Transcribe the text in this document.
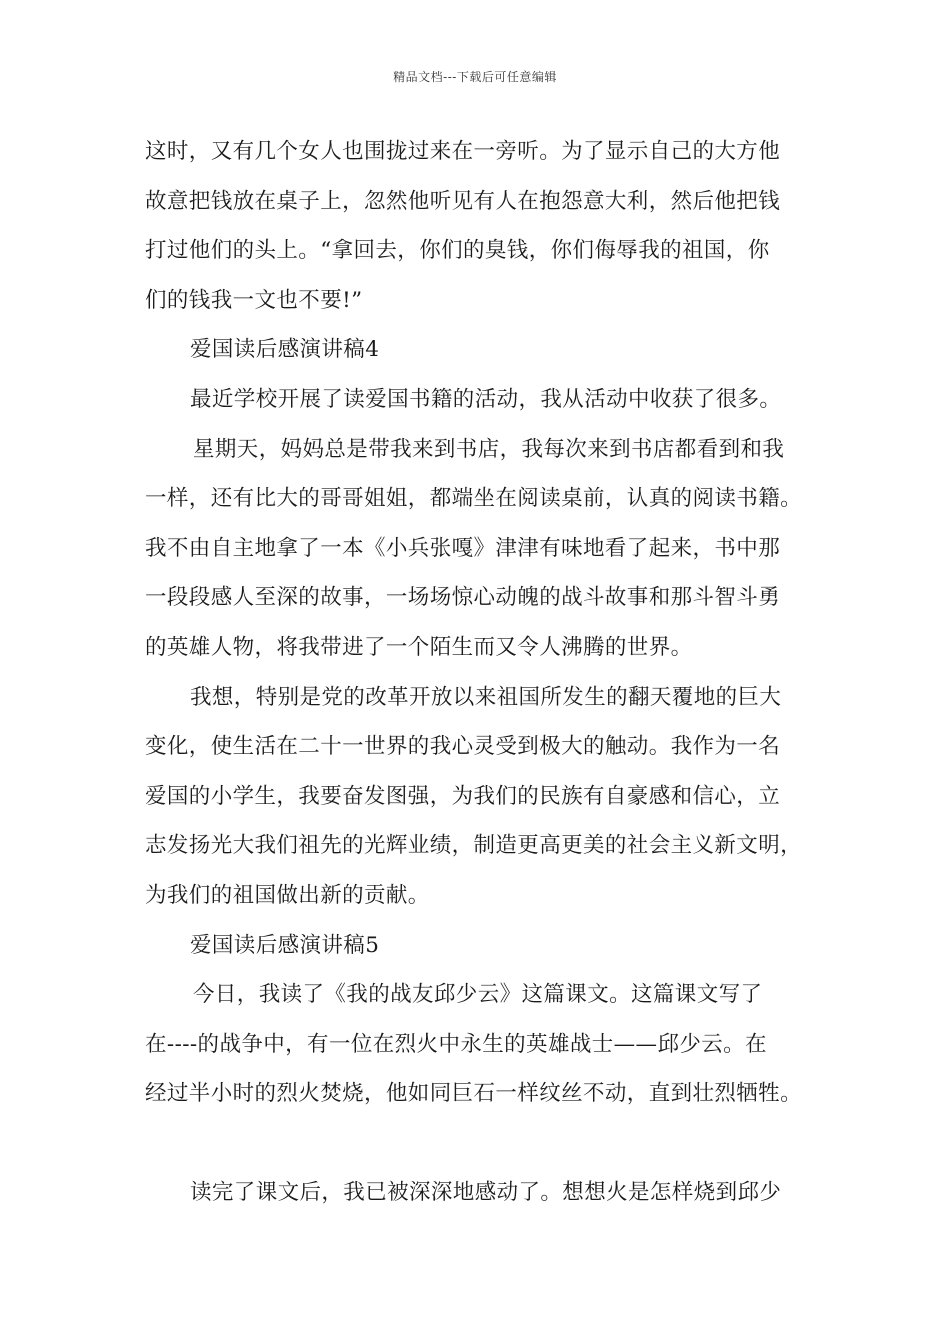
精品文档---下载后可任意编辑
这时，又有几个女人也围拢过来在一旁听。为了显示自己的大方他
故意把钱放在桌子上，忽然他听见有人在抱怨意大利，然后他把钱
打过他们的头上。“拿回去，你们的臭钱，你们侮辱我的祖国，你
们的钱我一文也不要!”
爱国读后感演讲稿4
最近学校开展了读爱国书籍的活动，我从活动中收获了很多。
星期天，妈妈总是带我来到书店，我每次来到书店都看到和我
一样，还有比大的哥哥姐姐，都端坐在阅读桌前，认真的阅读书籍。
我不由自主地拿了一本《小兵张嘎》津津有味地看了起来，书中那
一段段感人至深的故事，一场场惊心动魄的战斗故事和那斗智斗勇
的英雄人物，将我带进了一个陌生而又令人沸腾的世界。
我想，特别是党的改革开放以来祖国所发生的翻天覆地的巨大
变化，使生活在二十一世界的我心灵受到极大的触动。我作为一名
爱国的小学生，我要奋发图强，为我们的民族有自豪感和信心，立
志发扬光大我们祖先的光辉业绩，制造更高更美的社会主义新文明，
为我们的祖国做出新的贡献。
爱国读后感演讲稿5
今日，我读了《我的战友邱少云》这篇课文。这篇课文写了
在----的战争中，有一位在烈火中永生的英雄战士——邱少云。在
经过半小时的烈火焚烧，他如同巨石一样纹丝不动，直到壮烈牺牲。
读完了课文后，我已被深深地感动了。想想火是怎样烧到邱少
